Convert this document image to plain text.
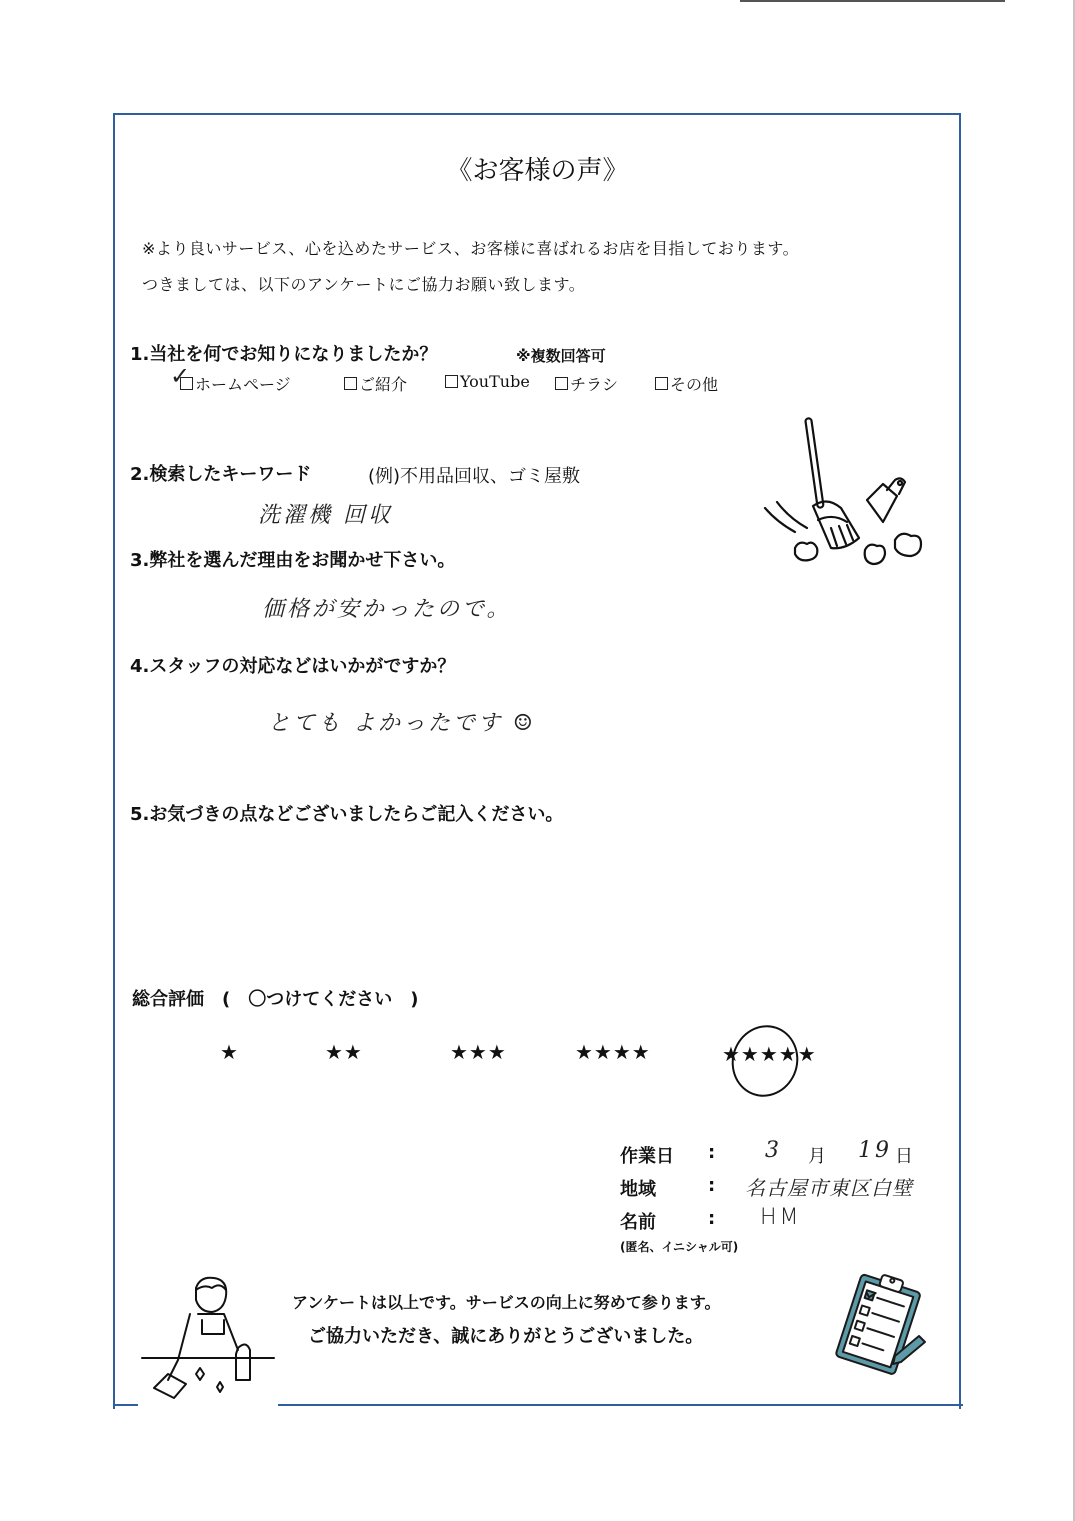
《お客様の声》
※より良いサービス、心を込めたサービス、お客様に喜ばれるお店を目指しております。
つきましては、以下のアンケートにご協力お願い致します。
1.当社を何でお知りになりましたか？	※複数回答可
✓ ホームページ	ご紹介	YouTube	チラシ	その他
2.検索したキーワード	(例)不用品回収、ゴミ屋敷
洗濯機 回収
3.弊社を選んだ理由をお聞かせ下さい。
価格が安かったので。
4.スタッフの対応などはいかがですか？
とても よかったです ☺
5.お気づきの点などございましたらご記入ください。
総合評価　(　〇つけてください　)
★	★★	★★★	★★★★	★★★★★
作業日 : 3 月 19 日
地域	: 名古屋市東区白壁
名前	: HM
(匿名、イニシャル可)
アンケートは以上です。サービスの向上に努めて参ります。
ご協力いただき、誠にありがとうございました。
